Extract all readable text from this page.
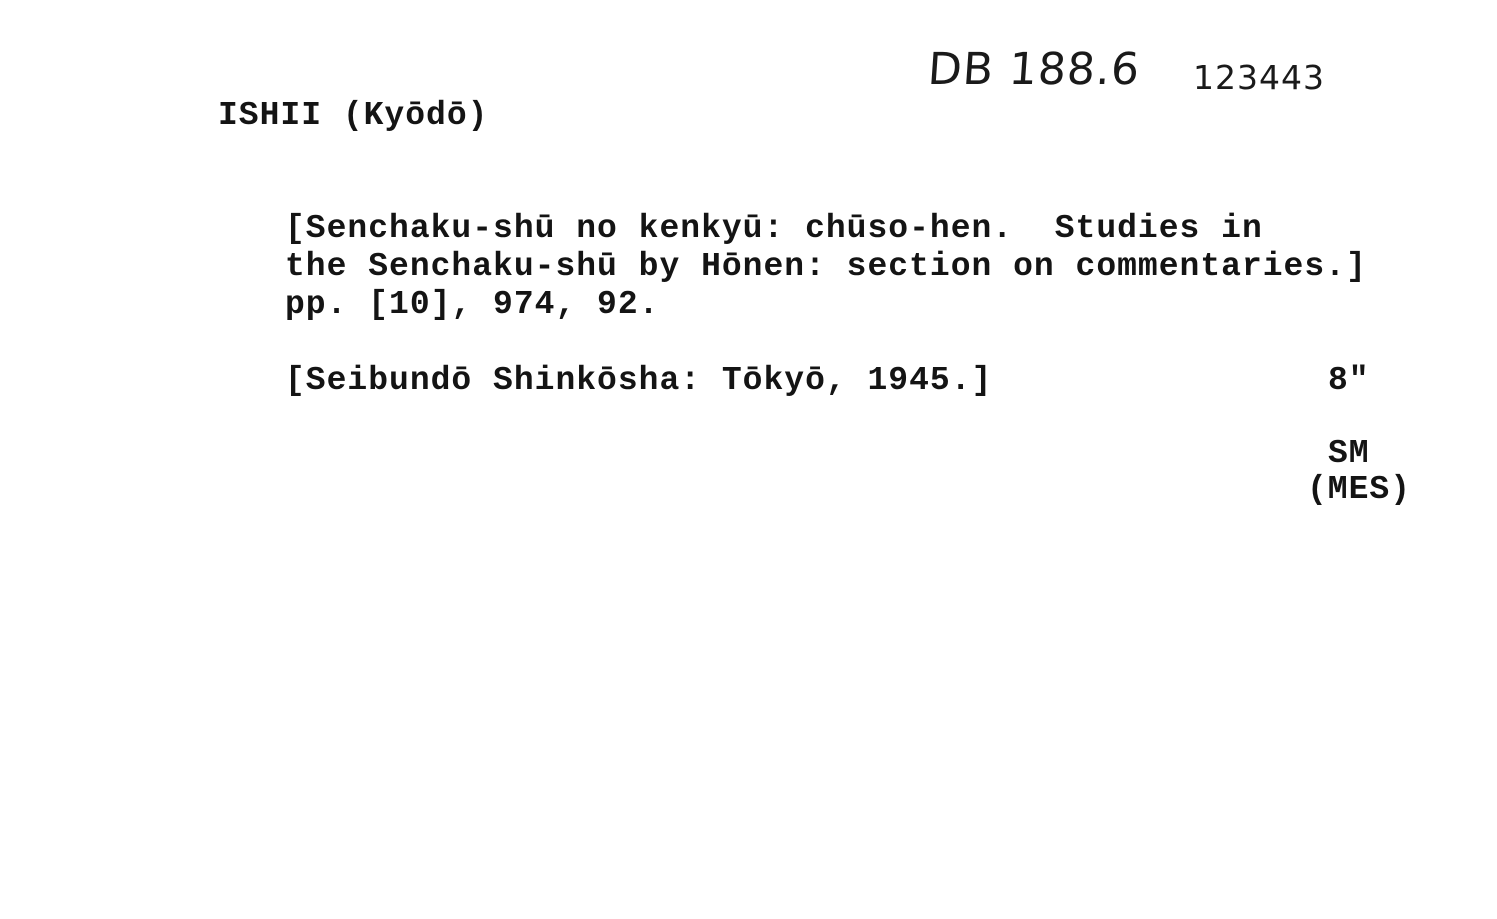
DB 188.6 123443
ISHII (Kyōdō)
[Senchaku-shū no kenkyū: chūso-hen.  Studies in
the Senchaku-shū by Hōnen: section on commentaries.]
pp. [10], 974, 92.
[Seibundō Shinkōsha: Tōkyō, 1945.]	8"
SM
(MES)
